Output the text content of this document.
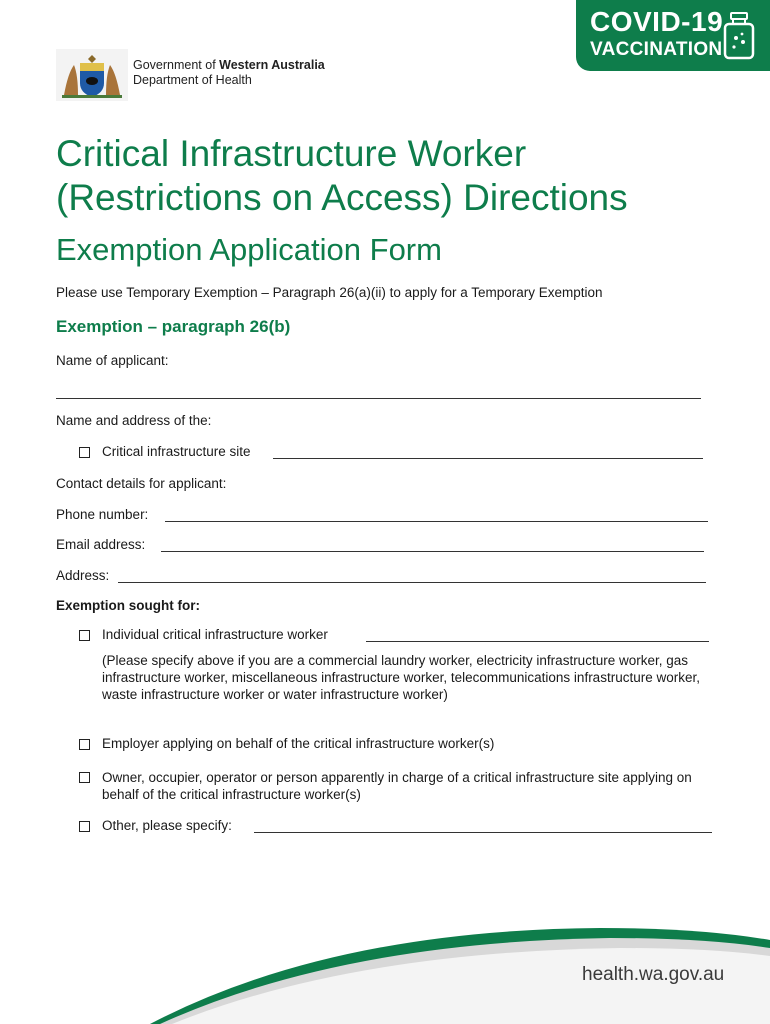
Government of Western Australia
Department of Health
COVID-19
VACCINATION
Critical Infrastructure Worker
(Restrictions on Access) Directions
Exemption Application Form
Please use Temporary Exemption – Paragraph 26(a)(ii) to apply for a Temporary Exemption
Exemption – paragraph 26(b)
Name of applicant:
Name and address of the:
Critical infrastructure site
Contact details for applicant:
Phone number:
Email address:
Address:
Exemption sought for:
Individual critical infrastructure worker
(Please specify above if you are a commercial laundry worker, electricity infrastructure worker, gas infrastructure worker, miscellaneous infrastructure worker, telecommunications infrastructure worker, waste infrastructure worker or water infrastructure worker)
Employer applying on behalf of the critical infrastructure worker(s)
Owner, occupier, operator or person apparently in charge of a critical infrastructure site applying on behalf of the critical infrastructure worker(s)
Other, please specify:
health.wa.gov.au
